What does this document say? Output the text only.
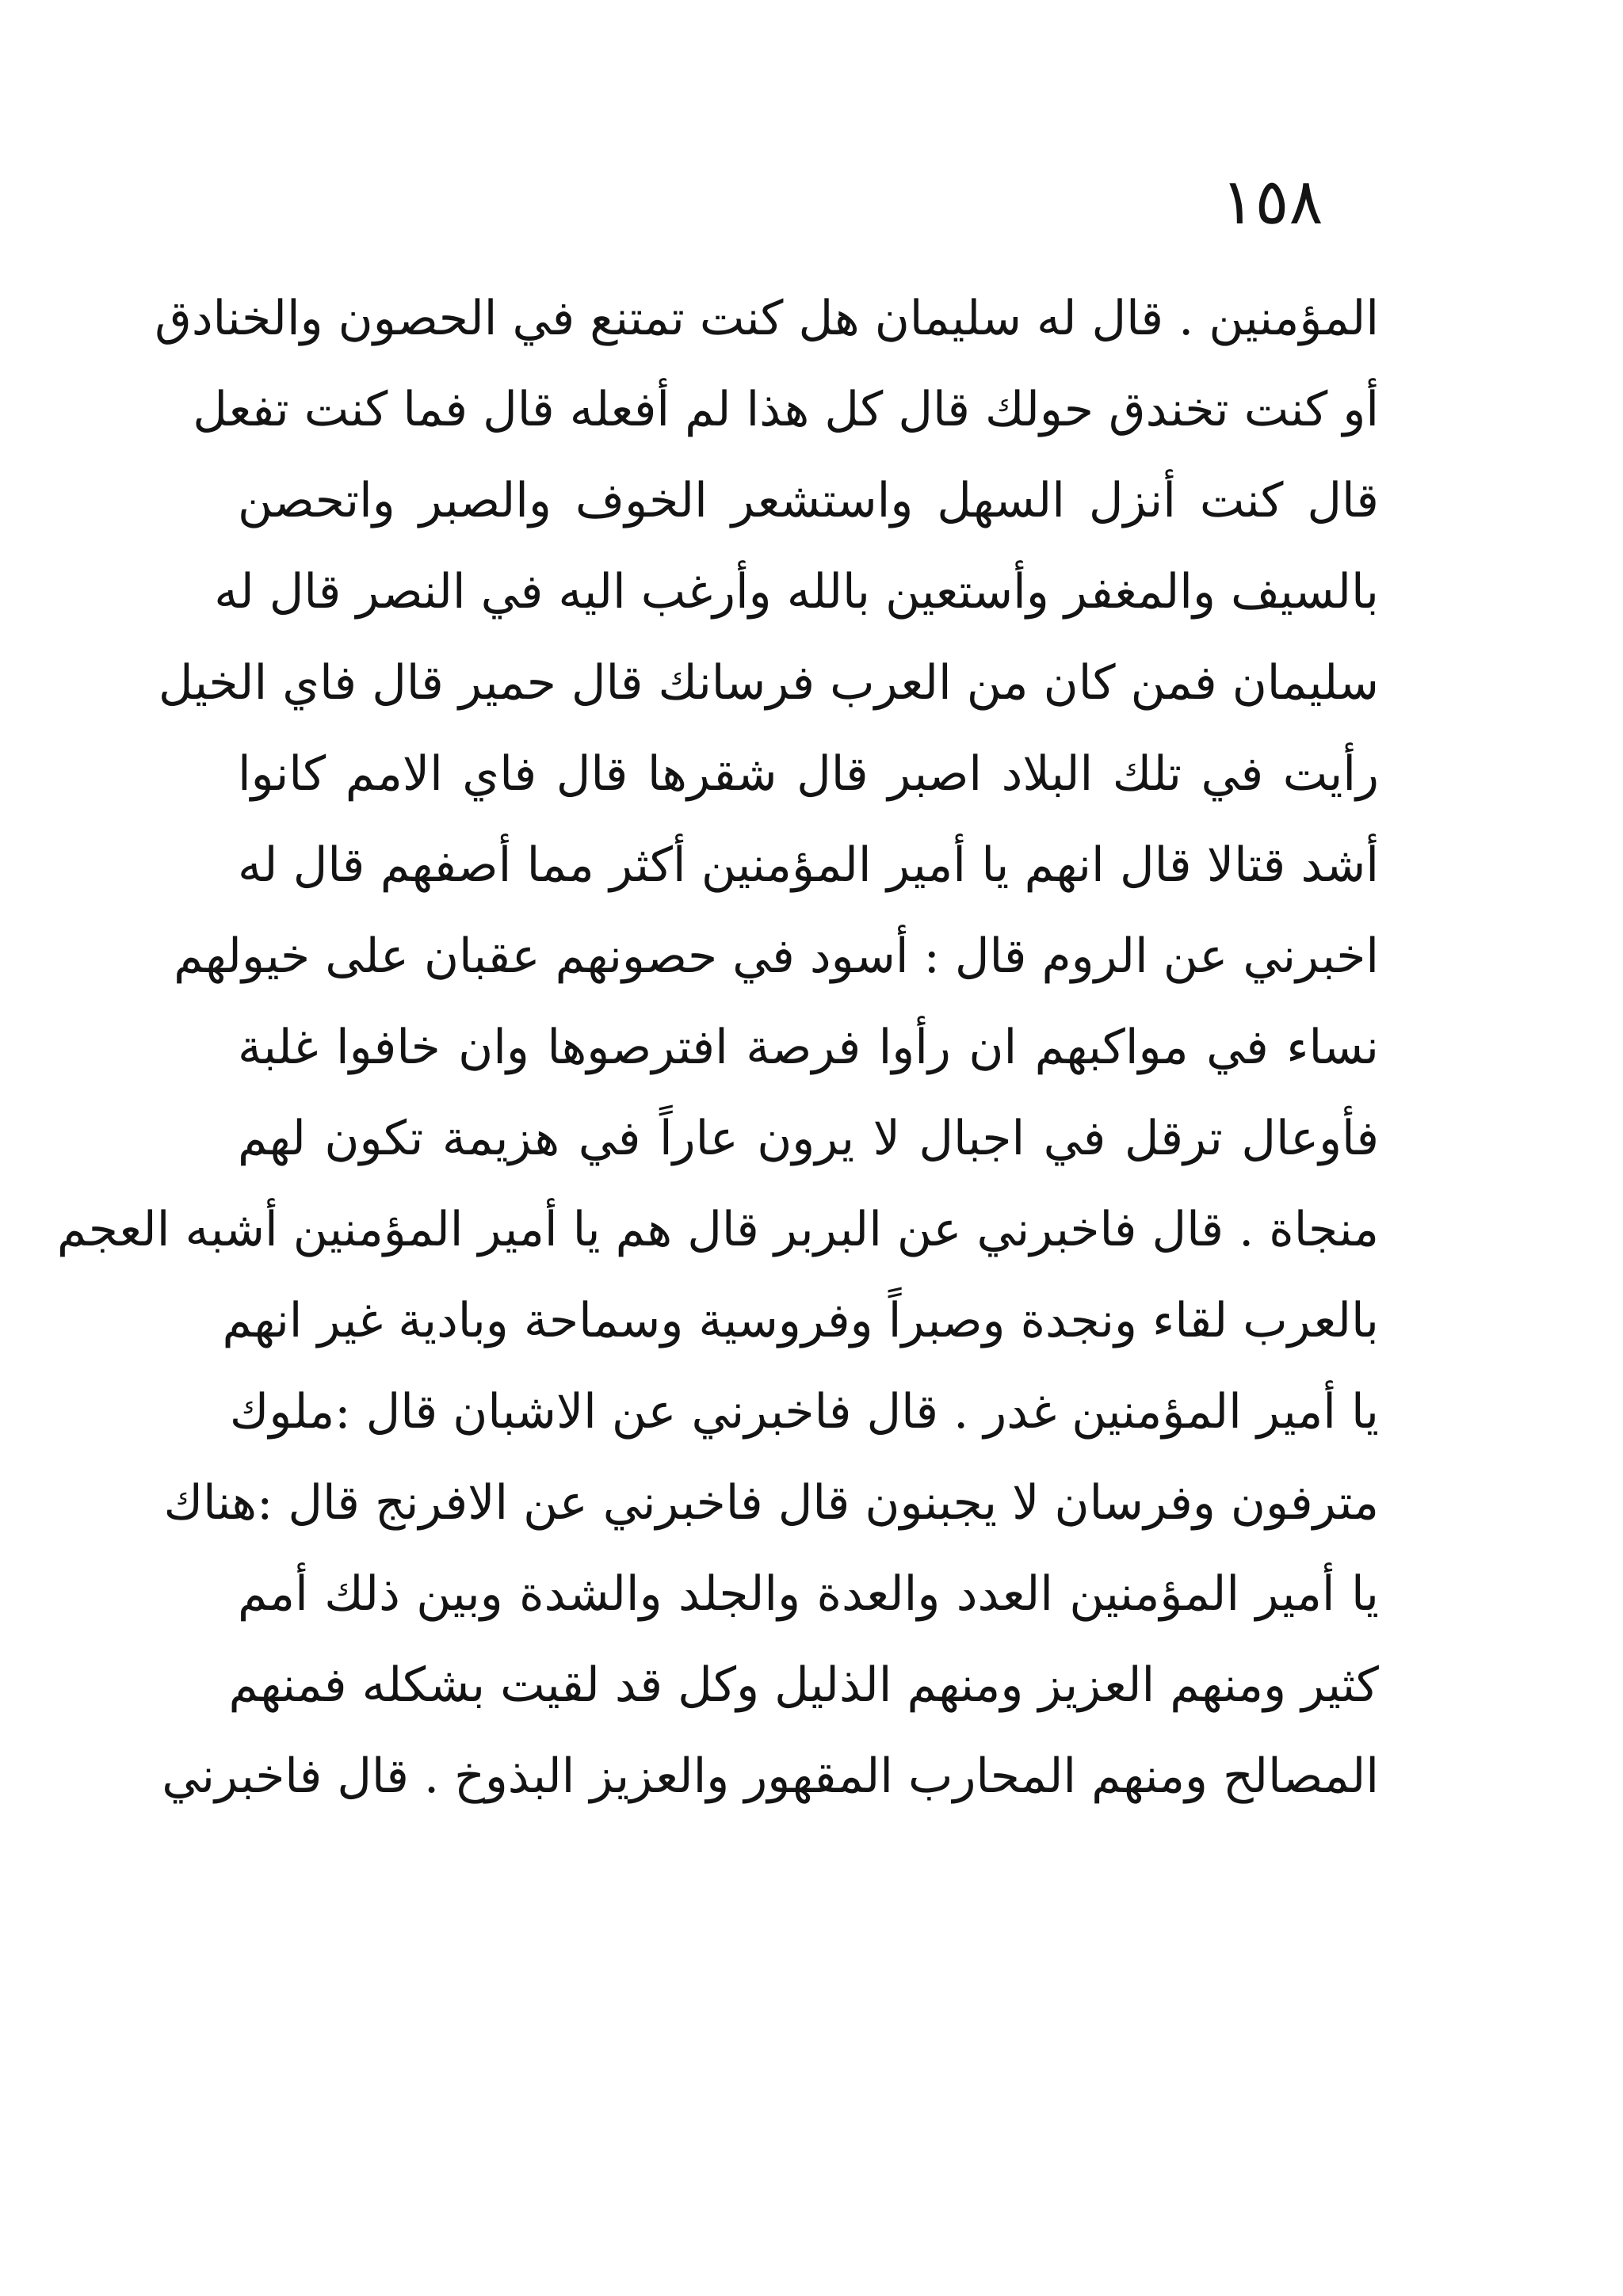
١٥٨
المؤمنين . قال له سليمان هل كنت تمتنع في الحصون والخنادق
أو كنت تخندق حولك قال كل هذا لم أفعله قال فما كنت تفعل
قال كنت أنزل السهل واستشعر الخوف والصبر واتحصن
بالسيف والمغفر وأستعين بالله وأرغب اليه في النصر قال له
سليمان فمن كان من العرب فرسانك قال حمير قال فاي الخيل
رأيت في تلك البلاد اصبر قال شقرها قال فاي الامم كانوا
أشد قتالا قال انهم يا أمير المؤمنين أكثر مما أصفهم قال له
اخبرني عن الروم قال : أسود في حصونهم عقبان على خيولهم
نساء في مواكبهم ان رأوا فرصة افترصوها وان خافوا غلبة
فأوعال ترقل في اجبال لا يرون عاراً في هزيمة تكون لهم
منجاة . قال فاخبرني عن البربر قال هم يا أمير المؤمنين أشبه العجم
بالعرب لقاء ونجدة وصبراً وفروسية وسماحة وبادية غير انهم
يا أمير المؤمنين غدر . قال فاخبرني عن الاشبان قال :ملوك
مترفون وفرسان لا يجبنون قال فاخبرني عن الافرنج قال :هناك
يا أمير المؤمنين العدد والعدة والجلد والشدة وبين ذلك أمم
كثير ومنهم العزيز ومنهم الذليل وكل قد لقيت بشكله فمنهم
المصالح ومنهم المحارب المقهور والعزيز البذوخ . قال فاخبرني
